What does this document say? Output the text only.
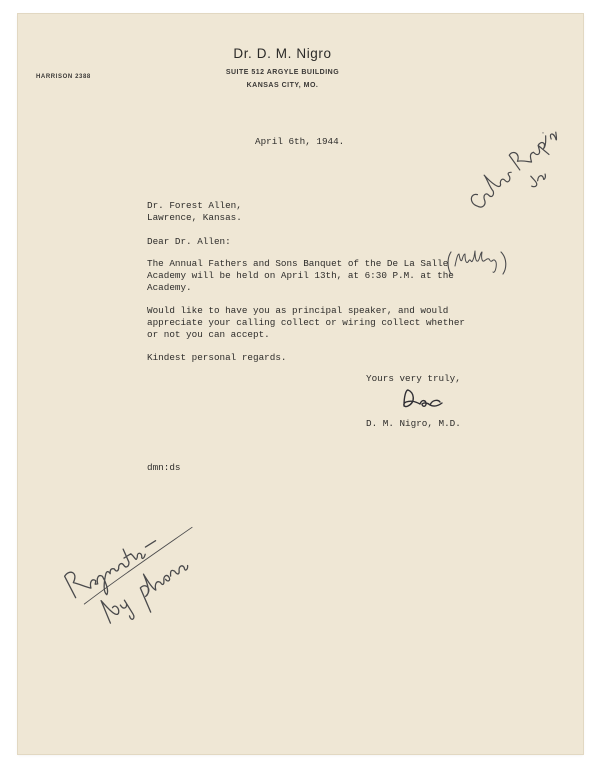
Dr. D. M. Nigro
SUITE 512 ARGYLE BUILDING
KANSAS CITY, MO.
HARRISON 2388
April 6th, 1944.
Dr. Forest Allen,
Lawrence, Kansas.
Dear Dr. Allen:
The Annual Fathers and Sons Banquet of the De La Salle
Academy will be held on April 13th, at 6:30 P.M. at the
Academy.
Would like to have you as principal speaker, and would
appreciate your calling collect or wiring collect whether
or not you can accept.
Kindest personal regards.
Yours very truly,
D. M. Nigro, M.D.
dmn:ds
